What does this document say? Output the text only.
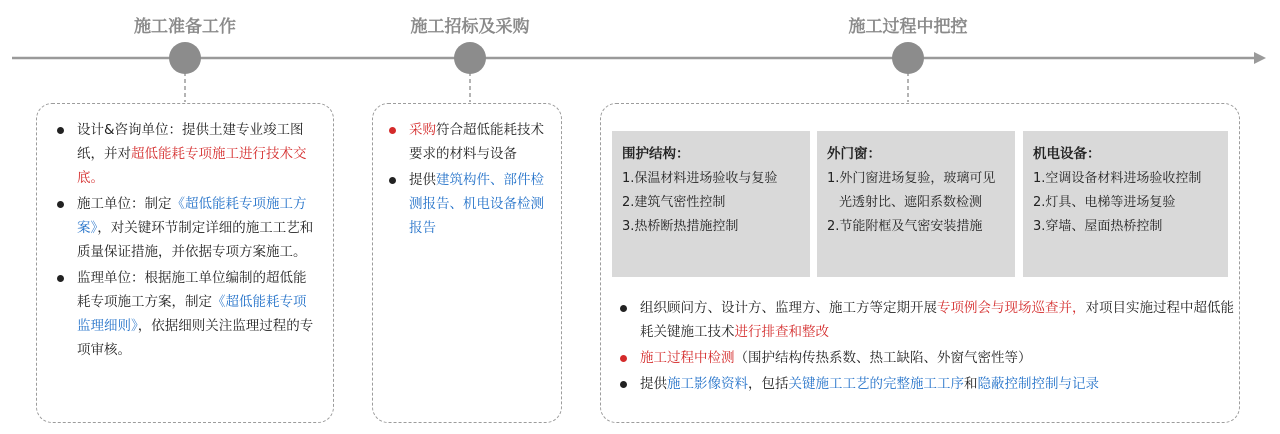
施工准备工作	施工招标及采购	施工过程中把控
设计&咨询单位：提供土建专业竣工图纸，并对超低能耗专项施工进行技术交底。
施工单位：制定《超低能耗专项施工方案》，对关键环节制定详细的施工工艺和质量保证措施，并依据专项方案施工。
监理单位：根据施工单位编制的超低能耗专项施工方案，制定《超低能耗专项监理细则》，依据细则关注监理过程的专项审核。
采购符合超低能耗技术要求的材料与设备
提供建筑构件、部件检测报告、机电设备检测报告
围护结构：
1.保温材料进场验收与复验
2.建筑气密性控制
3.热桥断热措施控制
外门窗：
1.外门窗进场复验，玻璃可见光透射比、遮阳系数检测
2.节能附框及气密安装措施
机电设备：
1.空调设备材料进场验收控制
2.灯具、电梯等进场复验
3.穿墙、屋面热桥控制
组织顾问方、设计方、监理方、施工方等定期开展专项例会与现场巡查并，对项目实施过程中超低能耗关键施工技术进行排查和整改
施工过程中检测（围护结构传热系数、热工缺陷、外窗气密性等）
提供施工影像资料，包括关键施工工艺的完整施工工序和隐蔽控制控制与记录
